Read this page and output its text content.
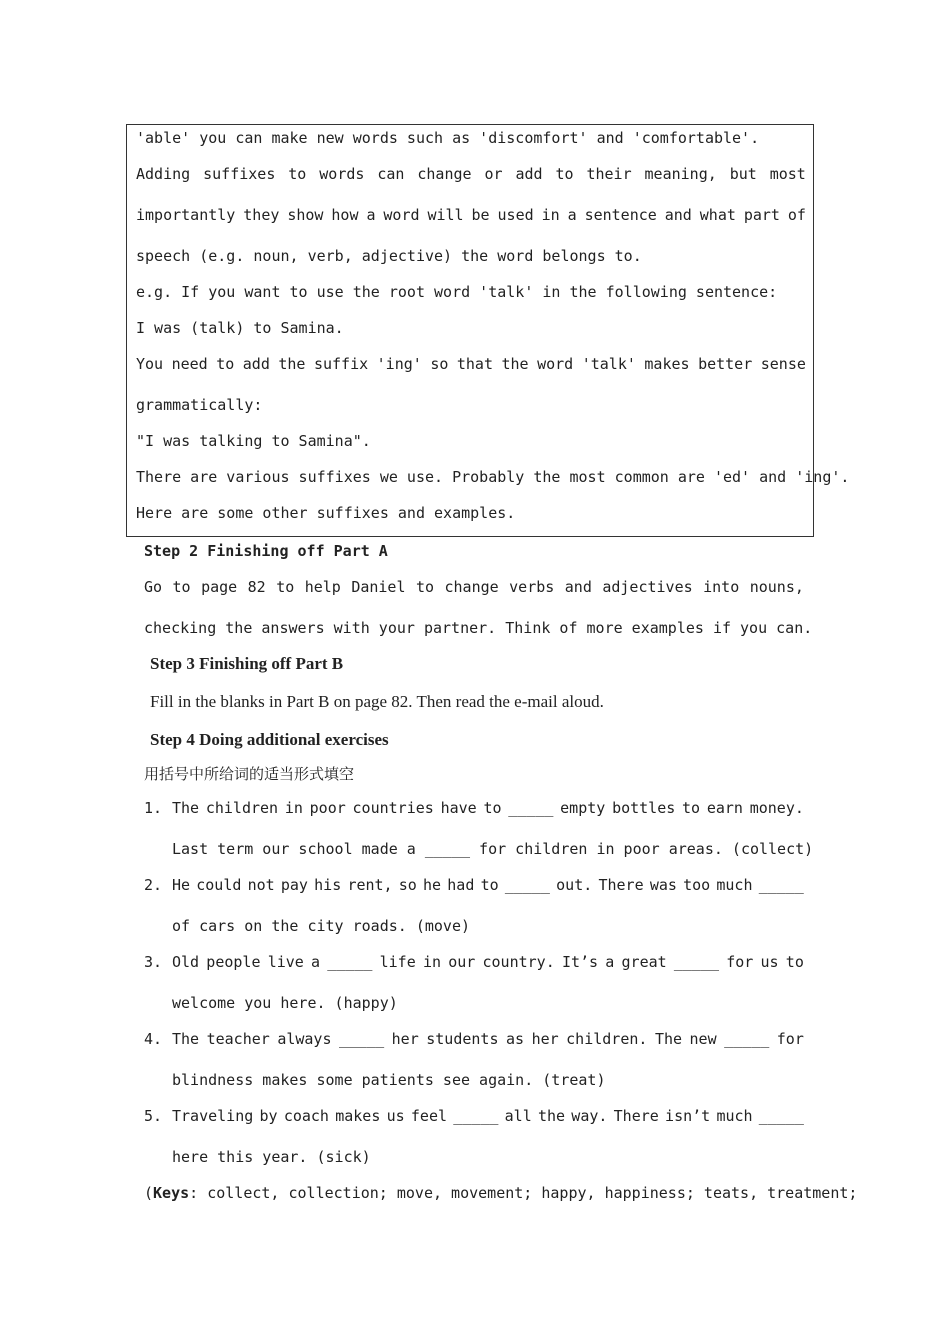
'able' you can make new words such as 'discomfort' and 'comfortable'.
Adding suffixes to words can change or add to their meaning, but most
importantly they show how a word will be used in a sentence and what part of
speech (e.g. noun, verb, adjective) the word belongs to.
e.g. If you want to use the root word 'talk' in the following sentence:
I was (talk) to Samina.
You need to add the suffix 'ing' so that the word 'talk' makes better sense
grammatically:
"I was talking to Samina".
There are various suffixes we use. Probably the most common are 'ed' and 'ing'.
Here are some other suffixes and examples.
Step 2 Finishing off Part A
Go to page 82 to help Daniel to change verbs and adjectives into nouns,
checking the answers with your partner. Think of more examples if you can.
Step 3 Finishing off Part B
Fill in the blanks in Part B on page 82. Then read the e-mail aloud.
Step 4 Doing additional exercises
用括号中所给词的适当形式填空
1. The children in poor countries have to _____ empty bottles to earn money.
Last term our school made a _____ for children in poor areas. (collect)
2. He could not pay his rent, so he had to _____ out. There was too much _____
of cars on the city roads. (move)
3. Old people live a _____ life in our country. It’s a great _____ for us to
welcome you here. (happy)
4. The teacher always _____ her students as her children. The new _____ for
blindness makes some patients see again. (treat)
5. Traveling by coach makes us feel _____ all the way. There isn’t much _____
here this year. (sick)
(Keys: collect, collection; move, movement; happy, happiness; teats, treatment;
